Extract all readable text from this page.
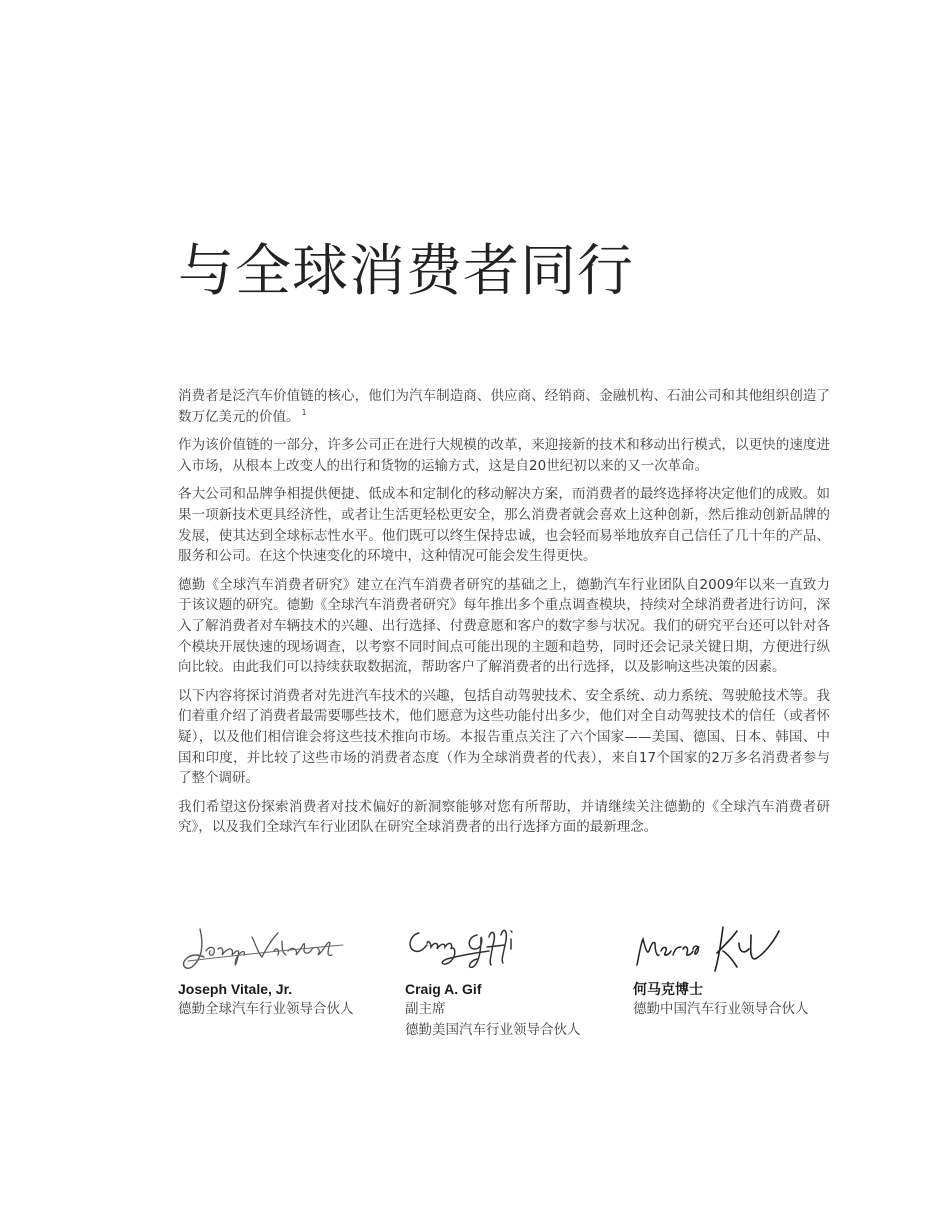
与全球消费者同行

消费者是泛汽车价值链的核心，他们为汽车制造商、供应商、经销商、金融机构、石油公司和其他组织创造了数万亿美元的价值。 $^1$

作为该价值链的一部分，许多公司正在进行大规模的改革，来迎接新的技术和移动出行模式，以更快的速度进入市场，从根本上改变人的出行和货物的运输方式，这是自20世纪初以来的又一次革命。

各大公司和品牌争相提供便捷、低成本和定制化的移动解决方案，而消费者的最终选择将决定他们的成败。如果一项新技术更具经济性，或者让生活更轻松更安全，那么消费者就会喜欢上这种创新，然后推动创新品牌的发展，使其达到全球标志性水平。他们既可以终生保持忠诚，也会轻而易举地放弃自己信任了几十年的产品、服务和公司。在这个快速变化的环境中，这种情况可能会发生得更快。

德勤《全球汽车消费者研究》建立在汽车消费者研究的基础之上，德勤汽车行业团队自2009年以来一直致力于该议题的研究。德勤《全球汽车消费者研究》每年推出多个重点调查模块，持续对全球消费者进行访问，深入了解消费者对车辆技术的兴趣、出行选择、付费意愿和客户的数字参与状况。我们的研究平台还可以针对各个模块开展快速的现场调查，以考察不同时间点可能出现的主题和趋势，同时还会记录关键日期，方便进行纵向比较。由此我们可以持续获取数据流，帮助客户了解消费者的出行选择，以及影响这些决策的因素。

以下内容将探讨消费者对先进汽车技术的兴趣，包括自动驾驶技术、安全系统、动力系统、驾驶舱技术等。我们着重介绍了消费者最需要哪些技术，他们愿意为这些功能付出多少，他们对全自动驾驶技术的信任（或者怀疑），以及他们相信谁会将这些技术推向市场。本报告重点关注了六个国家——美国、德国、日本、韩国、中国和印度，并比较了这些市场的消费者态度（作为全球消费者的代表），来自17个国家的2万多名消费者参与了整个调研。

我们希望这份探索消费者对技术偏好的新洞察能够对您有所帮助，并请继续关注德勤的《全球汽车消费者研究》，以及我们全球汽车行业团队在研究全球消费者的出行选择方面的最新理念。

Joseph Vitale, Jr.
德勤全球汽车行业领导合伙人
Craig A. Gif
副主席
德勤美国汽车行业领导合伙人
何马克博士
德勤中国汽车行业领导合伙人
